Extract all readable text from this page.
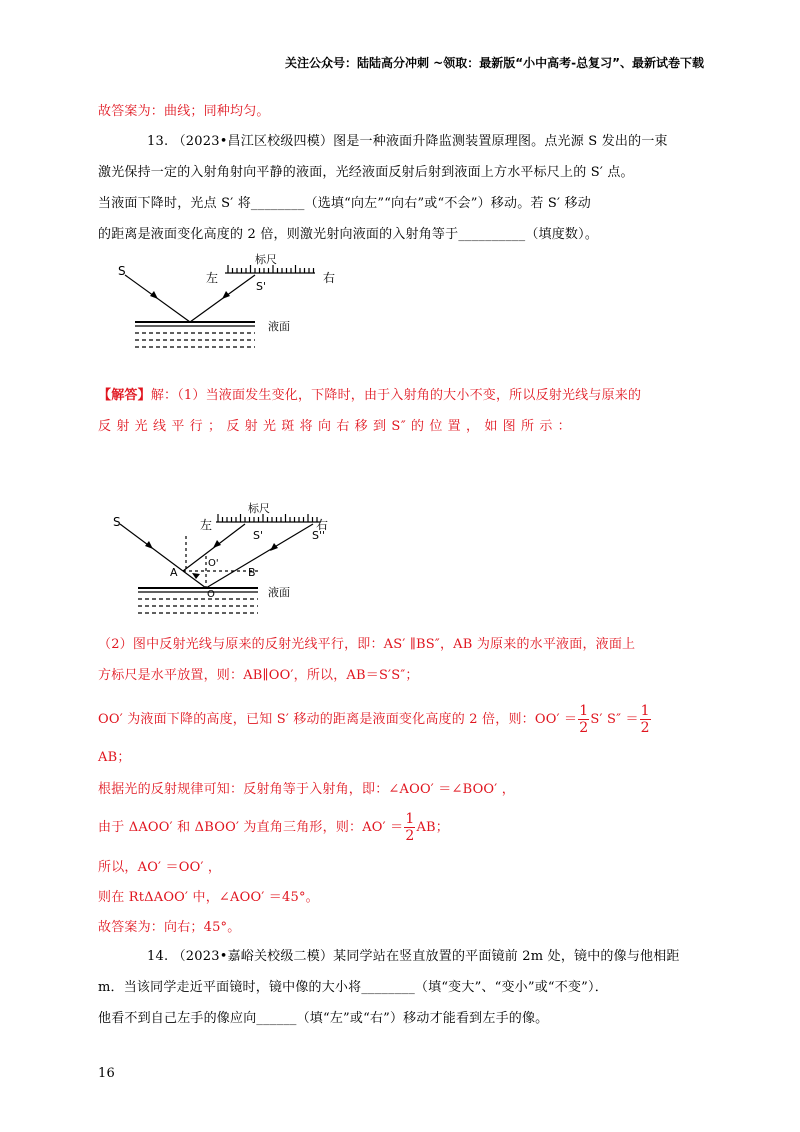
关注公众号：陆陆高分冲刺 ~领取：最新版“小中高考-总复习”、最新试卷下载
故答案为：曲线；同种均匀。
13. （2023•昌江区校级四模）图是一种液面升降监测装置原理图。点光源 S 发出的一束
激光保持一定的入射角射向平静的液面，光经液面反射后射到液面上方水平标尺上的 S′ 点。
当液面下降时，光点 S′ 将________（选填“向左”“向右”或“不会”）移动。若 S′ 移动
的距离是液面变化高度的 2 倍，则激光射向液面的入射角等于__________（填度数）。
S	左
标尺
右
S'
液面
【解答】解：（1）当液面发生变化，下降时，由于入射角的大小不变，所以反射光线与原来的
反 射 光 线 平 行 ； 反 射 光 斑 将 向 右 移 到 S″ 的 位 置 ， 如 图 所 示 ：
S	左
标尺
右
S'	S''
A	B
O
O'
液面
（2）图中反射光线与原来的反射光线平行，即：AS′ ∥BS″，AB 为原来的水平液面，液面上
方标尺是水平放置，则：AB∥OO′，所以，AB＝S′S″；
OO′ 为液面下降的高度，已知 S′ 移动的距离是液面变化高度的 2 倍，则：$OO' = \frac{1}{2} S'$ $S'' = \frac{1}{2}$
AB；
根据光的反射规律可知：反射角等于入射角，即：∠AOO′ ＝∠BOO′ ，
由于 ΔAOO′ 和 ΔBOO′ 为直角三角形，则：$AO' = \frac{1}{2}$ AB；
所以，AO′ ＝OO′ ，
则在 RtΔAOO′ 中，∠AOO′ ＝45°。
故答案为：向右；45°。
14. （2023•嘉峪关校级二模）某同学站在竖直放置的平面镜前 2m 处，镜中的像与他相距
m．当该同学走近平面镜时，镜中像的大小将________（填“变大”、“变小”或“不变”）．
他看不到自己左手的像应向______（填“左”或“右”）移动才能看到左手的像。
16
